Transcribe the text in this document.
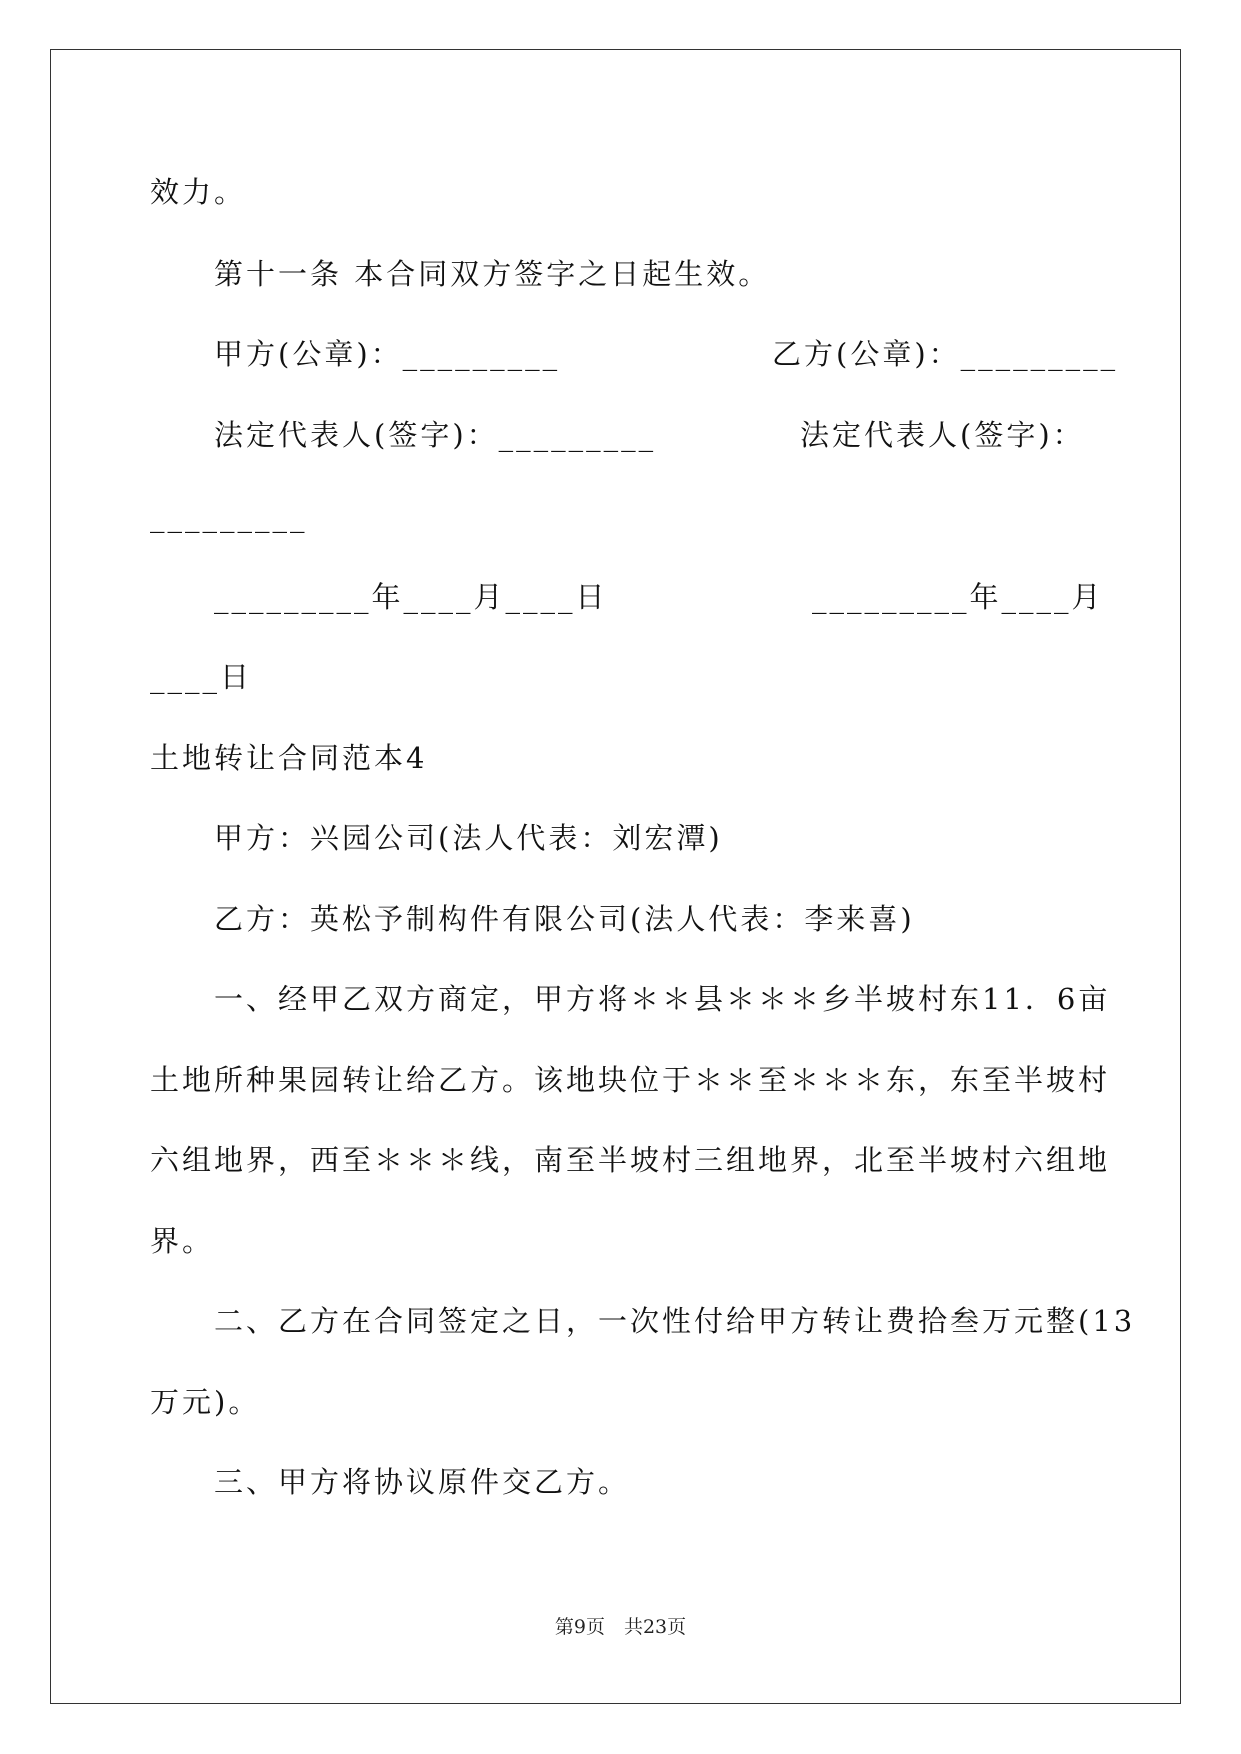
效力。
第十一条 本合同双方签字之日起生效。
甲方(公章)：_________	乙方(公章)：_________
法定代表人(签字)：_________	法定代表人(签字)：
_________
_________年____月____日	_________年____月
____日
土地转让合同范本4
甲方：兴园公司(法人代表：刘宏潭)
乙方：英松予制构件有限公司(法人代表：李来喜)
一、经甲乙双方商定，甲方将＊＊县＊＊＊乡半坡村东11．6亩
土地所种果园转让给乙方。该地块位于＊＊至＊＊＊东，东至半坡村
六组地界，西至＊＊＊线，南至半坡村三组地界，北至半坡村六组地
界。
二、乙方在合同签定之日，一次性付给甲方转让费拾叁万元整(13
万元)。
三、甲方将协议原件交乙方。
第9页　共23页
